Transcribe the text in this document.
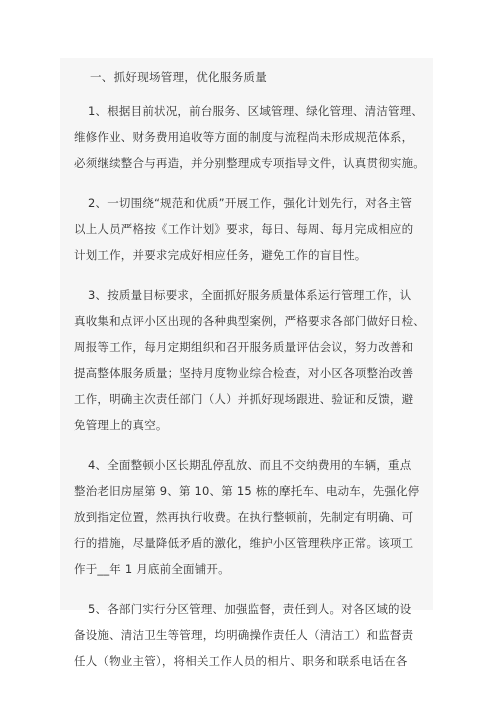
一、抓好现场管理，优化服务质量
1、根据目前状况，前台服务、区域管理、绿化管理、清洁管理、
维修作业、财务费用追收等方面的制度与流程尚未形成规范体系，
必须继续整合与再造，并分别整理成专项指导文件，认真贯彻实施。
2、一切围绕“规范和优质”开展工作，强化计划先行，对各主管
以上人员严格按《工作计划》要求，每日、每周、每月完成相应的
计划工作，并要求完成好相应任务，避免工作的盲目性。
3、按质量目标要求，全面抓好服务质量体系运行管理工作，认
真收集和点评小区出现的各种典型案例，严格要求各部门做好日检、
周报等工作，每月定期组织和召开服务质量评估会议，努力改善和
提高整体服务质量；坚持月度物业综合检查，对小区各项整治改善
工作，明确主次责任部门（人）并抓好现场跟进、验证和反馈，避
免管理上的真空。
4、全面整顿小区长期乱停乱放、而且不交纳费用的车辆，重点
整治老旧房屋第 9、第 10、第 15 栋的摩托车、电动车，先强化停
放到指定位置，然再执行收费。在执行整顿前，先制定有明确、可
行的措施，尽量降低矛盾的激化，维护小区管理秩序正常。该项工
作于__年 1 月底前全面铺开。
5、各部门实行分区管理、加强监督，责任到人。对各区域的设
备设施、清洁卫生等管理，均明确操作责任人（清洁工）和监督责
任人（物业主管），将相关工作人员的相片、职务和联系电话在各
